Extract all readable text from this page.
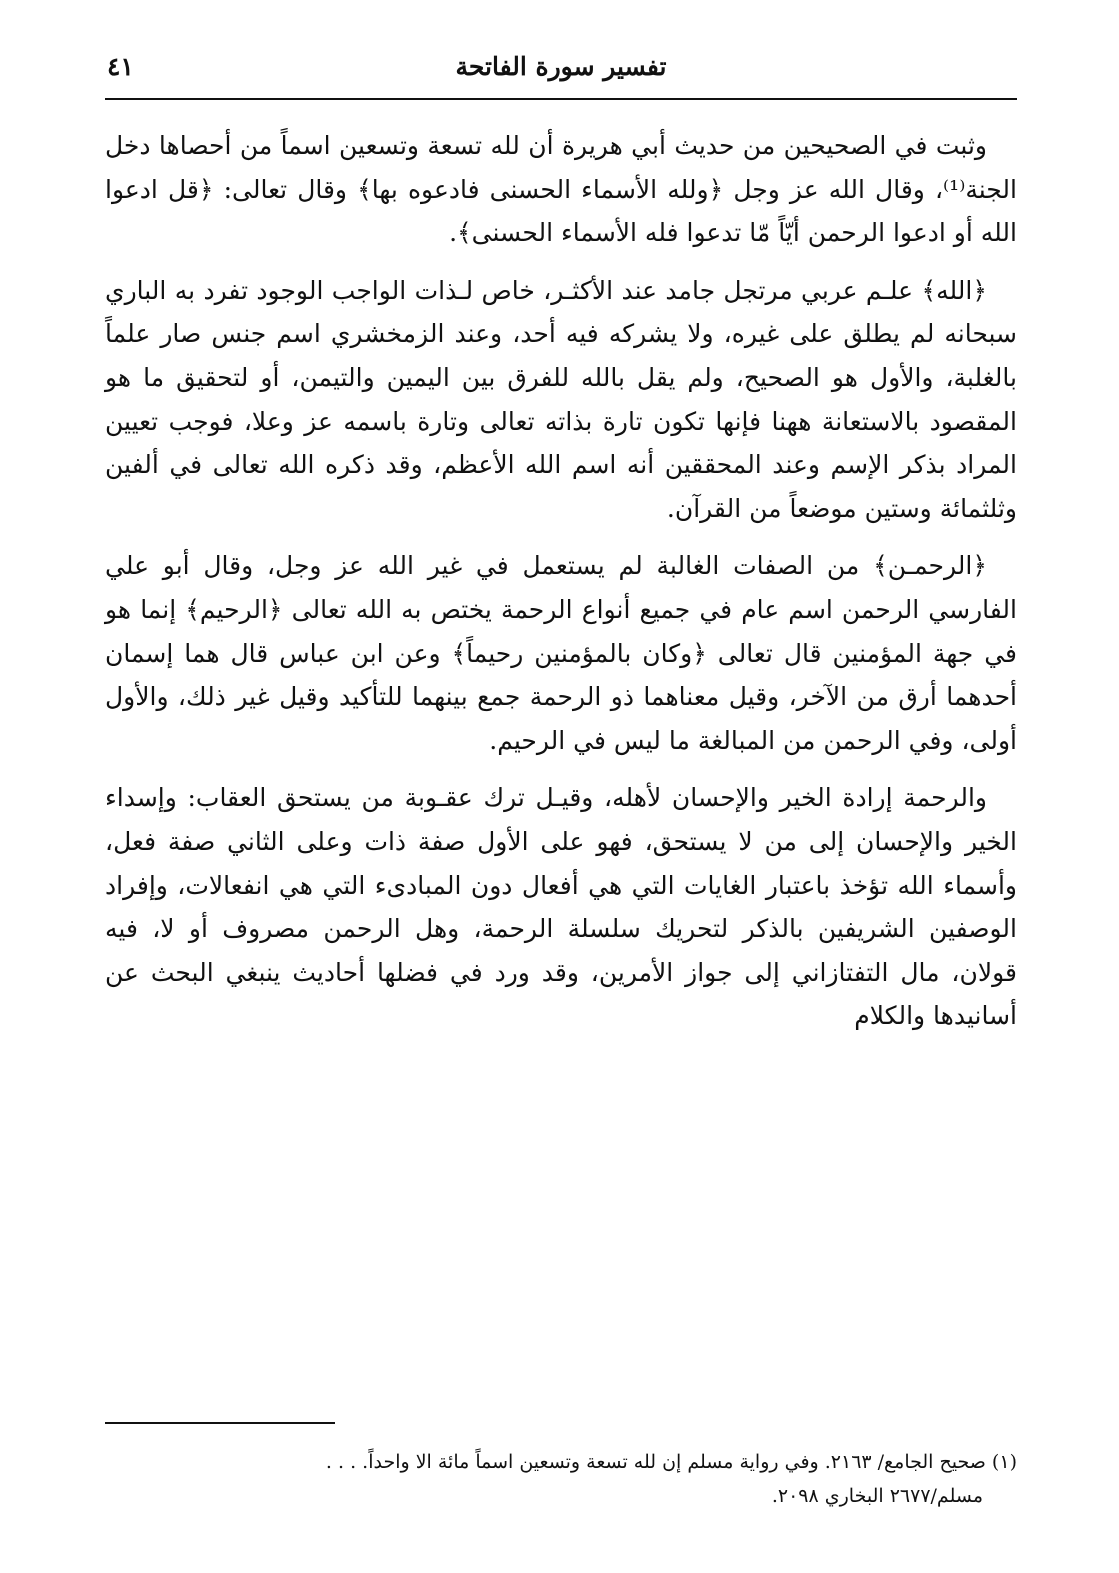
تفسير سورة الفاتحة
٤١

وثبت في الصحيحين من حديث أبي هريرة أن لله تسعة وتسعين اسماً من أحصاها دخل الجنة⁽¹⁾، وقال الله عز وجل ﴿ولله الأسماء الحسنى فادعوه بها﴾ وقال تعالى: ﴿قل ادعوا الله أو ادعوا الرحمن أيّاً مّا تدعوا فله الأسماء الحسنى﴾.

﴿الله﴾ علـم عربي مرتجل جامد عند الأكثـر، خاص لـذات الواجب الوجود تفرد به الباري سبحانه لم يطلق على غيره، ولا يشركه فيه أحد، وعند الزمخشري اسم جنس صار علماً بالغلبة، والأول هو الصحيح، ولم يقل بالله للفرق بين اليمين والتيمن، أو لتحقيق ما هو المقصود بالاستعانة ههنا فإنها تكون تارة بذاته تعالى وتارة باسمه عز وعلا، فوجب تعيين المراد بذكر الإسم وعند المحققين أنه اسم الله الأعظم، وقد ذكره الله تعالى في ألفين وثلثمائة وستين موضعاً من القرآن.

﴿الرحمـن﴾ من الصفات الغالبة لم يستعمل في غير الله عز وجل، وقال أبو علي الفارسي الرحمن اسم عام في جميع أنواع الرحمة يختص به الله تعالى ﴿الرحيم﴾ إنما هو في جهة المؤمنين قال تعالى ﴿وكان بالمؤمنين رحيماً﴾ وعن ابن عباس قال هما إسمان أحدهما أرق من الآخر، وقيل معناهما ذو الرحمة جمع بينهما للتأكيد وقيل غير ذلك، والأول أولى، وفي الرحمن من المبالغة ما ليس في الرحيم.

والرحمة إرادة الخير والإحسان لأهله، وقيـل ترك عقـوبة من يستحق العقاب: وإسداء الخير والإحسان إلى من لا يستحق، فهو على الأول صفة ذات وعلى الثاني صفة فعل، وأسماء الله تؤخذ باعتبار الغايات التي هي أفعال دون المبادىء التي هي انفعالات، وإفراد الوصفين الشريفين بالذكر لتحريك سلسلة الرحمة، وهل الرحمن مصروف أو لا، فيه قولان، مال التفتازاني إلى جواز الأمرين، وقد ورد في فضلها أحاديث ينبغي البحث عن أسانيدها والكلام

(١) صحيح الجامع/ ٢١٦٣. وفي رواية مسلم إن لله تسعة وتسعين اسماً مائة الا واحداً. . . .

مسلم/٢٦٧٧ البخاري ٢٠٩٨.
